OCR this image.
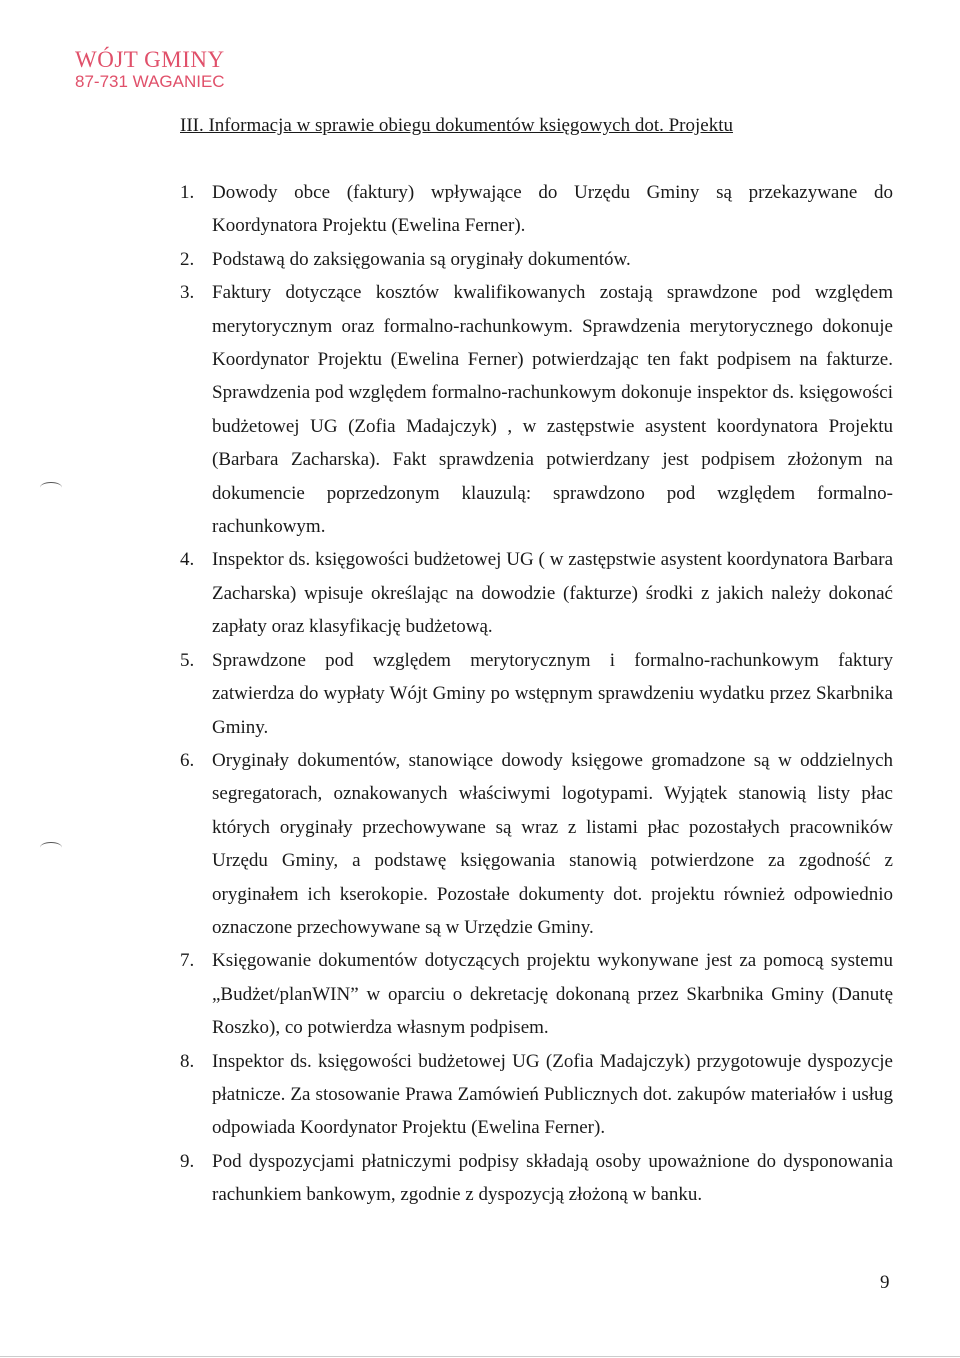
WÓJT GMINY
87-731 WAGANIEC
III. Informacja w sprawie obiegu dokumentów księgowych dot. Projektu
1. Dowody obce (faktury) wpływające do Urzędu Gminy są przekazywane do Koordynatora Projektu (Ewelina Ferner).
2. Podstawą do zaksięgowania są oryginały dokumentów.
3. Faktury dotyczące kosztów kwalifikowanych zostają sprawdzone pod względem merytorycznym oraz formalno-rachunkowym. Sprawdzenia merytorycznego dokonuje Koordynator Projektu (Ewelina Ferner) potwierdzając ten fakt podpisem na fakturze. Sprawdzenia pod względem formalno-rachunkowym dokonuje inspektor ds. księgowości budżetowej UG (Zofia Madajczyk) , w zastępstwie asystent koordynatora Projektu (Barbara Zacharska). Fakt sprawdzenia potwierdzany jest podpisem złożonym na dokumencie poprzedzonym klauzulą: sprawdzono pod względem formalno-rachunkowym.
4. Inspektor ds. księgowości budżetowej UG ( w zastępstwie asystent koordynatora Barbara Zacharska) wpisuje określając na dowodzie (fakturze) środki z jakich należy dokonać zapłaty oraz klasyfikację budżetową.
5. Sprawdzone pod względem merytorycznym i formalno-rachunkowym faktury zatwierdza do wypłaty Wójt Gminy po wstępnym sprawdzeniu wydatku przez Skarbnika Gminy.
6. Oryginały dokumentów, stanowiące dowody księgowe gromadzone są w oddzielnych segregatorach, oznakowanych właściwymi logotypami. Wyjątek stanowią listy płac których oryginały przechowywane są wraz z listami płac pozostałych pracowników Urzędu Gminy, a podstawę księgowania stanowią potwierdzone za zgodność z oryginałem ich kserokopie. Pozostałe dokumenty dot. projektu również odpowiednio oznaczone przechowywane są w Urzędzie Gminy.
7. Księgowanie dokumentów dotyczących projektu wykonywane jest za pomocą systemu „Budżet/planWIN” w oparciu o dekretację dokonaną przez Skarbnika Gminy (Danutę Roszko), co potwierdza własnym podpisem.
8. Inspektor ds. księgowości budżetowej UG (Zofia Madajczyk) przygotowuje dyspozycje płatnicze. Za stosowanie Prawa Zamówień Publicznych dot. zakupów materiałów i usług odpowiada Koordynator Projektu (Ewelina Ferner).
9. Pod dyspozycjami płatniczymi podpisy składają osoby upoważnione do dysponowania rachunkiem bankowym, zgodnie z dyspozycją złożoną w banku.
9
